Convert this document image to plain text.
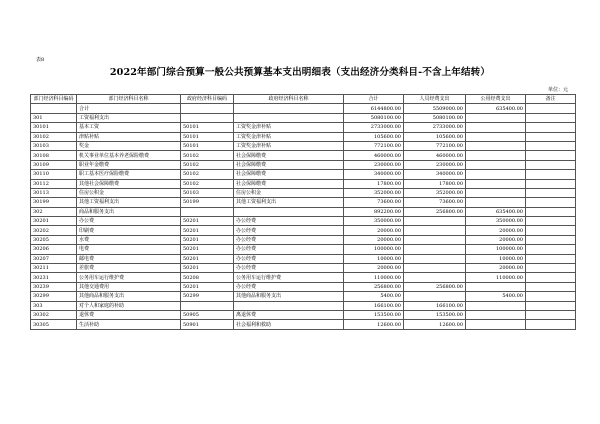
表8
2022年部门综合预算一般公共预算基本支出明细表（支出经济分类科目-不含上年结转）
单位：元
部门经济科目编码	部门经济科目名称	政府经济科目编码	政府经济科目名称	合计	人员经费支出	公用经费支出	备注
	合计			6144800.00	5509000.00	635400.00	
301	工资福利支出			5080100.00	5080100.00		
30101	基本工资	50101	工资奖金津补贴	2733000.00	2733000.00		
30102	津贴补贴	50101	工资奖金津补贴	105600.00	105600.00		
30103	奖金	50101	工资奖金津补贴	772100.00	772100.00		
30108	机关事业单位基本养老保险缴费	50102	社会保障缴费	460000.00	460000.00		
30109	职业年金缴费	50102	社会保障缴费	230000.00	230000.00		
30110	职工基本医疗保险缴费	50102	社会保障缴费	340000.00	340000.00		
30112	其他社会保障缴费	50102	社会保障缴费	17800.00	17800.00		
30113	住房公积金	50103	住房公积金	352000.00	352000.00		
30199	其他工资福利支出	50199	其他工资福利支出	73600.00	73600.00		
302	商品和服务支出			892200.00	256800.00	635400.00	
30201	办公费	50201	办公经费	350000.00		350000.00	
30202	印刷费	50201	办公经费	20000.00		20000.00	
30205	水费	50201	办公经费	20000.00		20000.00	
30206	电费	50201	办公经费	100000.00		100000.00	
30207	邮电费	50201	办公经费	10000.00		10000.00	
30211	差旅费	50201	办公经费	20000.00		20000.00	
30231	公务用车运行维护费	50208	公务用车运行维护费	110000.00		110000.00	
30239	其他交通费用	50201	办公经费	256800.00	256800.00		
30299	其他商品和服务支出	50299	其他商品和服务支出	5400.00		5400.00	
303	对个人和家庭的补助			166100.00	166100.00		
30302	退休费	50905	离退休费	153500.00	153500.00		
30305	生活补助	50901	社会福利和救助	12600.00	12600.00		
